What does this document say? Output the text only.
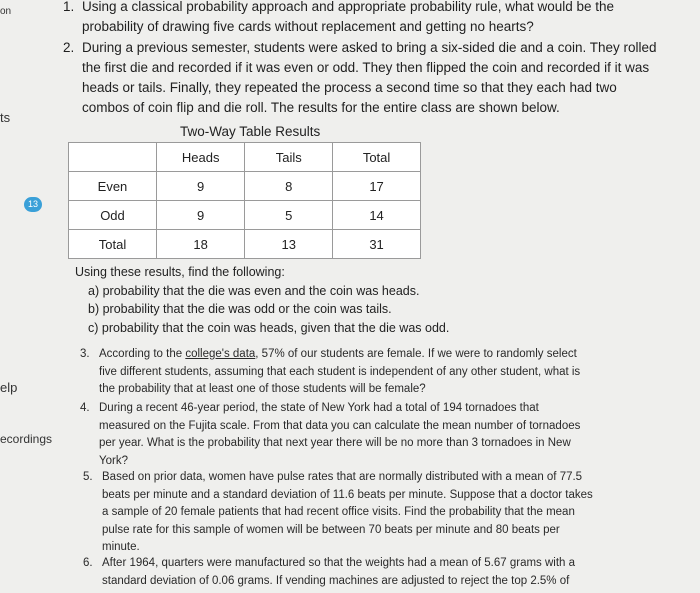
on
ts
13
elp
ecordings
1. Using a classical probability approach and appropriate probability rule, what would be the
probability of drawing five cards without replacement and getting no hearts?
2. During a previous semester, students were asked to bring a six-sided die and a coin. They rolled
the first die and recorded if it was even or odd. They then flipped the coin and recorded if it was
heads or tails. Finally, they repeated the process a second time so that they each had two
combos of coin flip and die roll. The results for the entire class are shown below.
Two-Way Table Results
	Heads	Tails	Total
Even	9	8	17
Odd	9	5	14
Total	18	13	31
Using these results, find the following:
a) probability that the die was even and the coin was heads.
b) probability that the die was odd or the coin was tails.
c) probability that the coin was heads, given that the die was odd.
3. According to the college's data, 57% of our students are female. If we were to randomly select
five different students, assuming that each student is independent of any other student, what is
the probability that at least one of those students will be female?
4. During a recent 46-year period, the state of New York had a total of 194 tornadoes that
measured on the Fujita scale. From that data you can calculate the mean number of tornadoes
per year. What is the probability that next year there will be no more than 3 tornadoes in New
York?
5. Based on prior data, women have pulse rates that are normally distributed with a mean of 77.5
beats per minute and a standard deviation of 11.6 beats per minute. Suppose that a doctor takes
a sample of 20 female patients that had recent office visits. Find the probability that the mean
pulse rate for this sample of women will be between 70 beats per minute and 80 beats per
minute.
6. After 1964, quarters were manufactured so that the weights had a mean of 5.67 grams with a
standard deviation of 0.06 grams. If vending machines are adjusted to reject the top 2.5% of
